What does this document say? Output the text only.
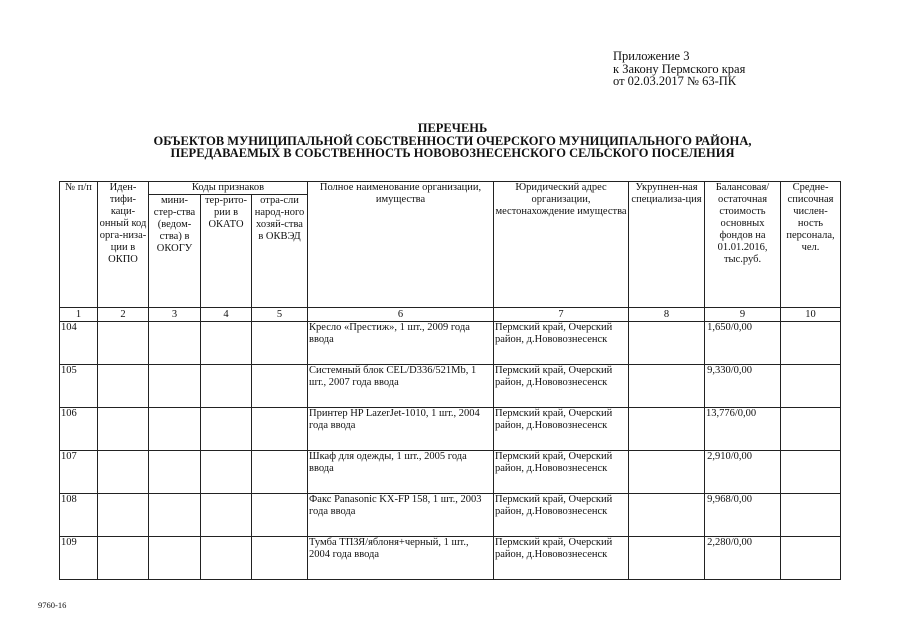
Приложение 3
к Закону Пермского края
от 02.03.2017 № 63-ПК
ПЕРЕЧЕНЬ
ОБЪЕКТОВ МУНИЦИПАЛЬНОЙ СОБСТВЕННОСТИ ОЧЕРСКОГО МУНИЦИПАЛЬНОГО РАЙОНА,
ПЕРЕДАВАЕМЫХ В СОБСТВЕННОСТЬ НОВОВОЗНЕСЕНСКОГО СЕЛЬСКОГО ПОСЕЛЕНИЯ
№ п/п	Иден-тифи-каци-онный код орга-низа-ции в ОКПО	Коды признаков			Полное наименование организации, имущества	Юридический адрес организации, местонахождение имущества	Укрупнен-ная специализа-ция	Балансовая/ остаточная стоимость основных фондов на 01.01.2016, тыс.руб.	Средне-списочная числен-ность персонала, чел.
		мини-стер-ства (ведом-ства) в ОКОГУ	тер-рито-рии в ОКАТО	отра-сли народ-ного хозяй-ства в ОКВЭД					
1	2	3	4	5	6	7	8	9	10
104					Кресло «Престиж», 1 шт., 2009 года ввода	Пермский край, Очерский район, д.Нововознесенск		1,650/0,00	
105					Системный блок CEL/D336/521Mb, 1 шт., 2007 года ввода	Пермский край, Очерский район, д.Нововознесенск		9,330/0,00	
106					Принтер HP LazerJet-1010, 1 шт., 2004 года ввода	Пермский край, Очерский район, д.Нововознесенск		13,776/0,00	
107					Шкаф для одежды, 1 шт., 2005 года ввода	Пермский край, Очерский район, д.Нововознесенск		2,910/0,00	
108					Факс Panasonic KX-FP 158, 1 шт., 2003 года ввода	Пермский край, Очерский район, д.Нововознесенск		9,968/0,00	
109					Тумба ТПЗЯ/яблоня+черный, 1 шт., 2004 года ввода	Пермский край, Очерский район, д.Нововознесенск		2,280/0,00	
9760-16
